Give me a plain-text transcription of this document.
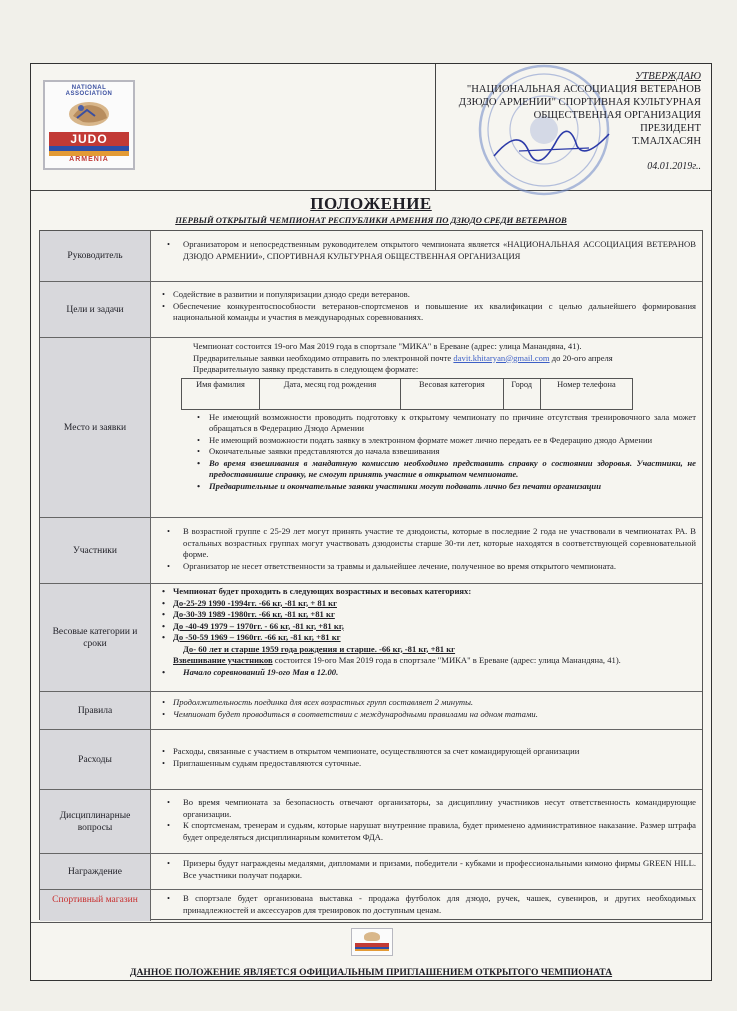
NATIONAL ASSOCIATION
JUDO
ARMENIA
УТВЕРЖДАЮ
"НАЦИОНАЛЬНАЯ АССОЦИАЦИЯ ВЕТЕРАНОВ
ДЗЮДО АРМЕНИИ" СПОРТИВНАЯ КУЛЬТУРНАЯ
ОБЩЕСТВЕННАЯ ОРГАНИЗАЦИЯ
ПРЕЗИДЕНТ
Т.МАЛХАСЯН
04.01.2019г..
ПОЛОЖЕНИЕ
ПЕРВЫЙ ОТКРЫТЫЙ ЧЕМПИОНАТ РЕСПУБЛИКИ АРМЕНИЯ ПО ДЗЮДО СРЕДИ ВЕТЕРАНОВ
Руководитель
• Организатором и непосредственным руководителем открытого чемпионата является «НАЦИОНАЛЬНАЯ АССОЦИАЦИЯ ВЕТЕРАНОВ ДЗЮДО АРМЕНИИ», СПОРТИВНАЯ КУЛЬТУРНАЯ ОБЩЕСТВЕННАЯ ОРГАНИЗАЦИЯ
Цели и задачи
• Содействие в развитии и популяризации дзюдо среди ветеранов.
• Обеспечение конкурентоспособности ветеранов-спортсменов и повышение их квалификации с целью дальнейшего формирования национальной команды и участия в международных соревнованиях.
Место и заявки
Чемпионат состоится 19-ого Мая 2019 года в спортзале "МИКА" в Ереване (адрес: улица Манандяна, 41).
Предварительные заявки необходимо отправить по электронной почте davit.khitaryan@gmail.com до 20-ого апреля
Предварительную заявку представить в следующем формате:
Имя фамилия	Дата, месяц год рождения	Весовая категория	Город	Номер телефона
• Не имеющий возможности проводить подготовку к открытому чемпионату по причине отсутствия тренировочного зала может обращаться в Федерацию Дзюдо Армении
• Не имеющий возможности подать заявку в электронном формате может лично передать ее в Федерацию дзюдо Армении
• Окончательные заявки представляются до начала взвешивания
• Во время взвешивания в мандатную комиссию необходимо представить справку о состоянии здоровья. Участники, не предоставившие справку, не смогут принять участие в открытом чемпионате.
• Предварительные и окончательные заявки участники могут подавать лично без печати организации
Участники
• В возрастной группе с 25-29 лет могут принять участие те дзюдоисты, которые в последние 2 года не участвовали в чемпионатах РА. В остальных возрастных группах могут участвовать дзюдоисты старше 30-ти лет, которые находятся в соответствующей соревновательной форме.
• Организатор не несет ответственности за травмы и дальнейшее лечение, полученное во время открытого чемпионата.
Весовые категории и сроки
• Чемпионат будет проходить в следующих возрастных и весовых категориях:
• До-25-29 1990 -1994гг. -66 кг, -81 кг, + 81 кг
• До-30-39 1989 -1980гг. -66 кг, -81 кг, +81 кг
• До -40-49 1979 – 1970гг. - 66 кг, -81 кг, +81 кг,
• До -50-59 1969 – 1960гг. -66 кг, -81 кг, +81 кг
До- 60 лет и старше 1959 года рождения и старше. -66 кг, -81 кг, +81 кг
Взвешивание участников состоится 19-ого Мая 2019 года в спортзале "МИКА" в Ереване (адрес: улица Манандяна, 41).
• Начало соревнований 19-ого Мая в 12.00.
Правила
• Продолжительность поединка для всех возрастных групп составляет 2 минуты.
• Чемпионат будет проводиться в соответствии с международными правилами на одном татами.
Расходы
• Расходы, связанные с участием в открытом чемпионате, осуществляются за счет командирующей организации
• Приглашенным судьям предоставляются суточные.
Дисциплинарные вопросы
• Во время чемпионата за безопасность отвечают организаторы, за дисциплину участников несут ответственность командирующие организации.
• К спортсменам, тренерам и судьям, которые нарушат внутренние правила, будет применено административное наказание. Размер штрафа будет определяться дисциплинарным комитетом ФДА.
Награждение
• Призеры будут награждены медалями, дипломами и призами, победители - кубками и профессиональными кимоно фирмы GREEN HILL. Все участники получат подарки.
Спортивный магазин
•	В спортзале будет организована выставка - продажа футболок для дзюдо, ручек, чашек, сувениров, и других необходимых принадлежностей и аксессуаров для тренировок по доступным ценам.
ДАННОЕ ПОЛОЖЕНИЕ ЯВЛЯЕТСЯ ОФИЦИАЛЬНЫМ ПРИГЛАШЕНИЕМ ОТКРЫТОГО ЧЕМПИОНАТА
